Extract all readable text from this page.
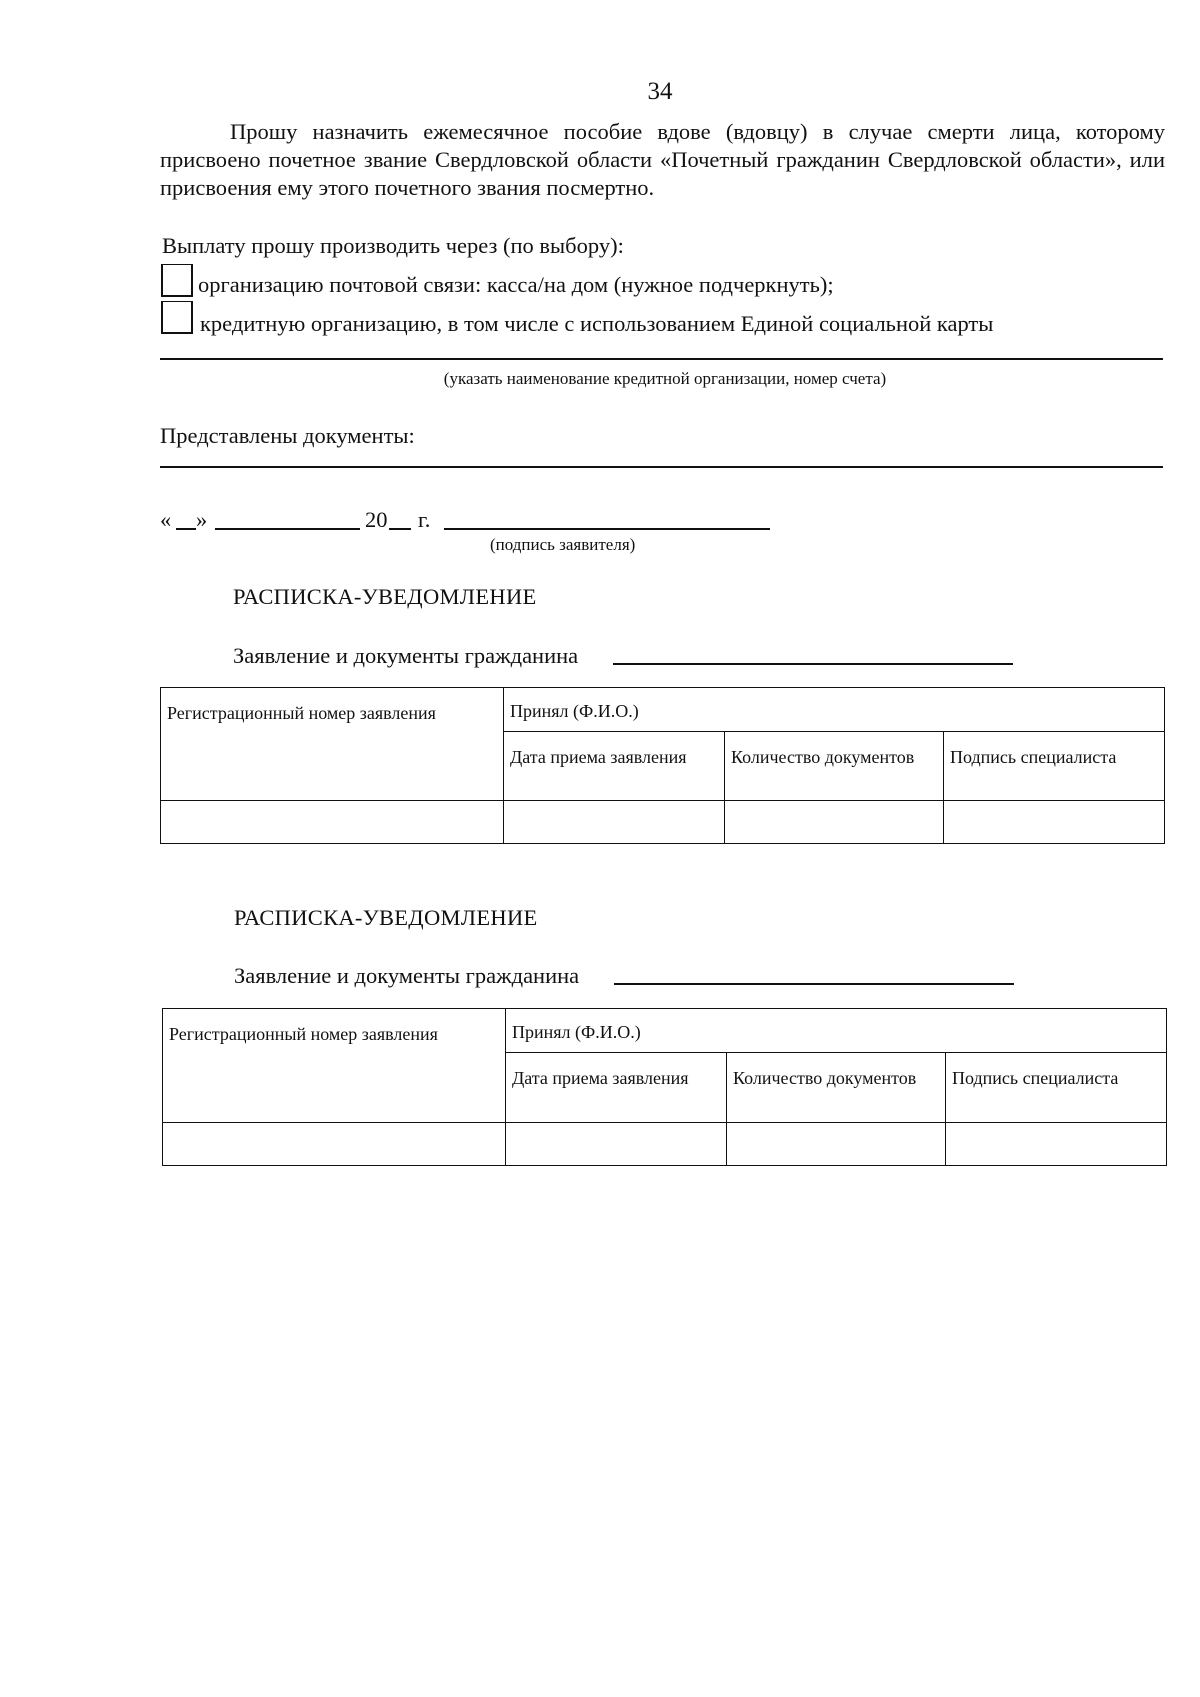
34
Прошу назначить ежемесячное пособие вдове (вдовцу) в случае смерти лица, которому присвоено почетное звание Свердловской области «Почетный гражданин Свердловской области», или присвоения ему этого почетного звания посмертно.
Выплату прошу производить через (по выбору):
организацию почтовой связи: касса/на дом (нужное подчеркнуть);
кредитную организацию, в том числе с использованием Единой социальной карты
(указать наименование кредитной организации, номер счета)
Представлены документы:
« »	20 г.
(подпись заявителя)
РАСПИСКА-УВЕДОМЛЕНИЕ
Заявление и документы гражданина
Регистрационный номер заявления	Принял (Ф.И.О.)		
	Дата приема заявления	Количество документов	Подпись специалиста

РАСПИСКА-УВЕДОМЛЕНИЕ
Заявление и документы гражданина
Регистрационный номер заявления	Принял (Ф.И.О.)		
	Дата приема заявления	Количество документов	Подпись специалиста
